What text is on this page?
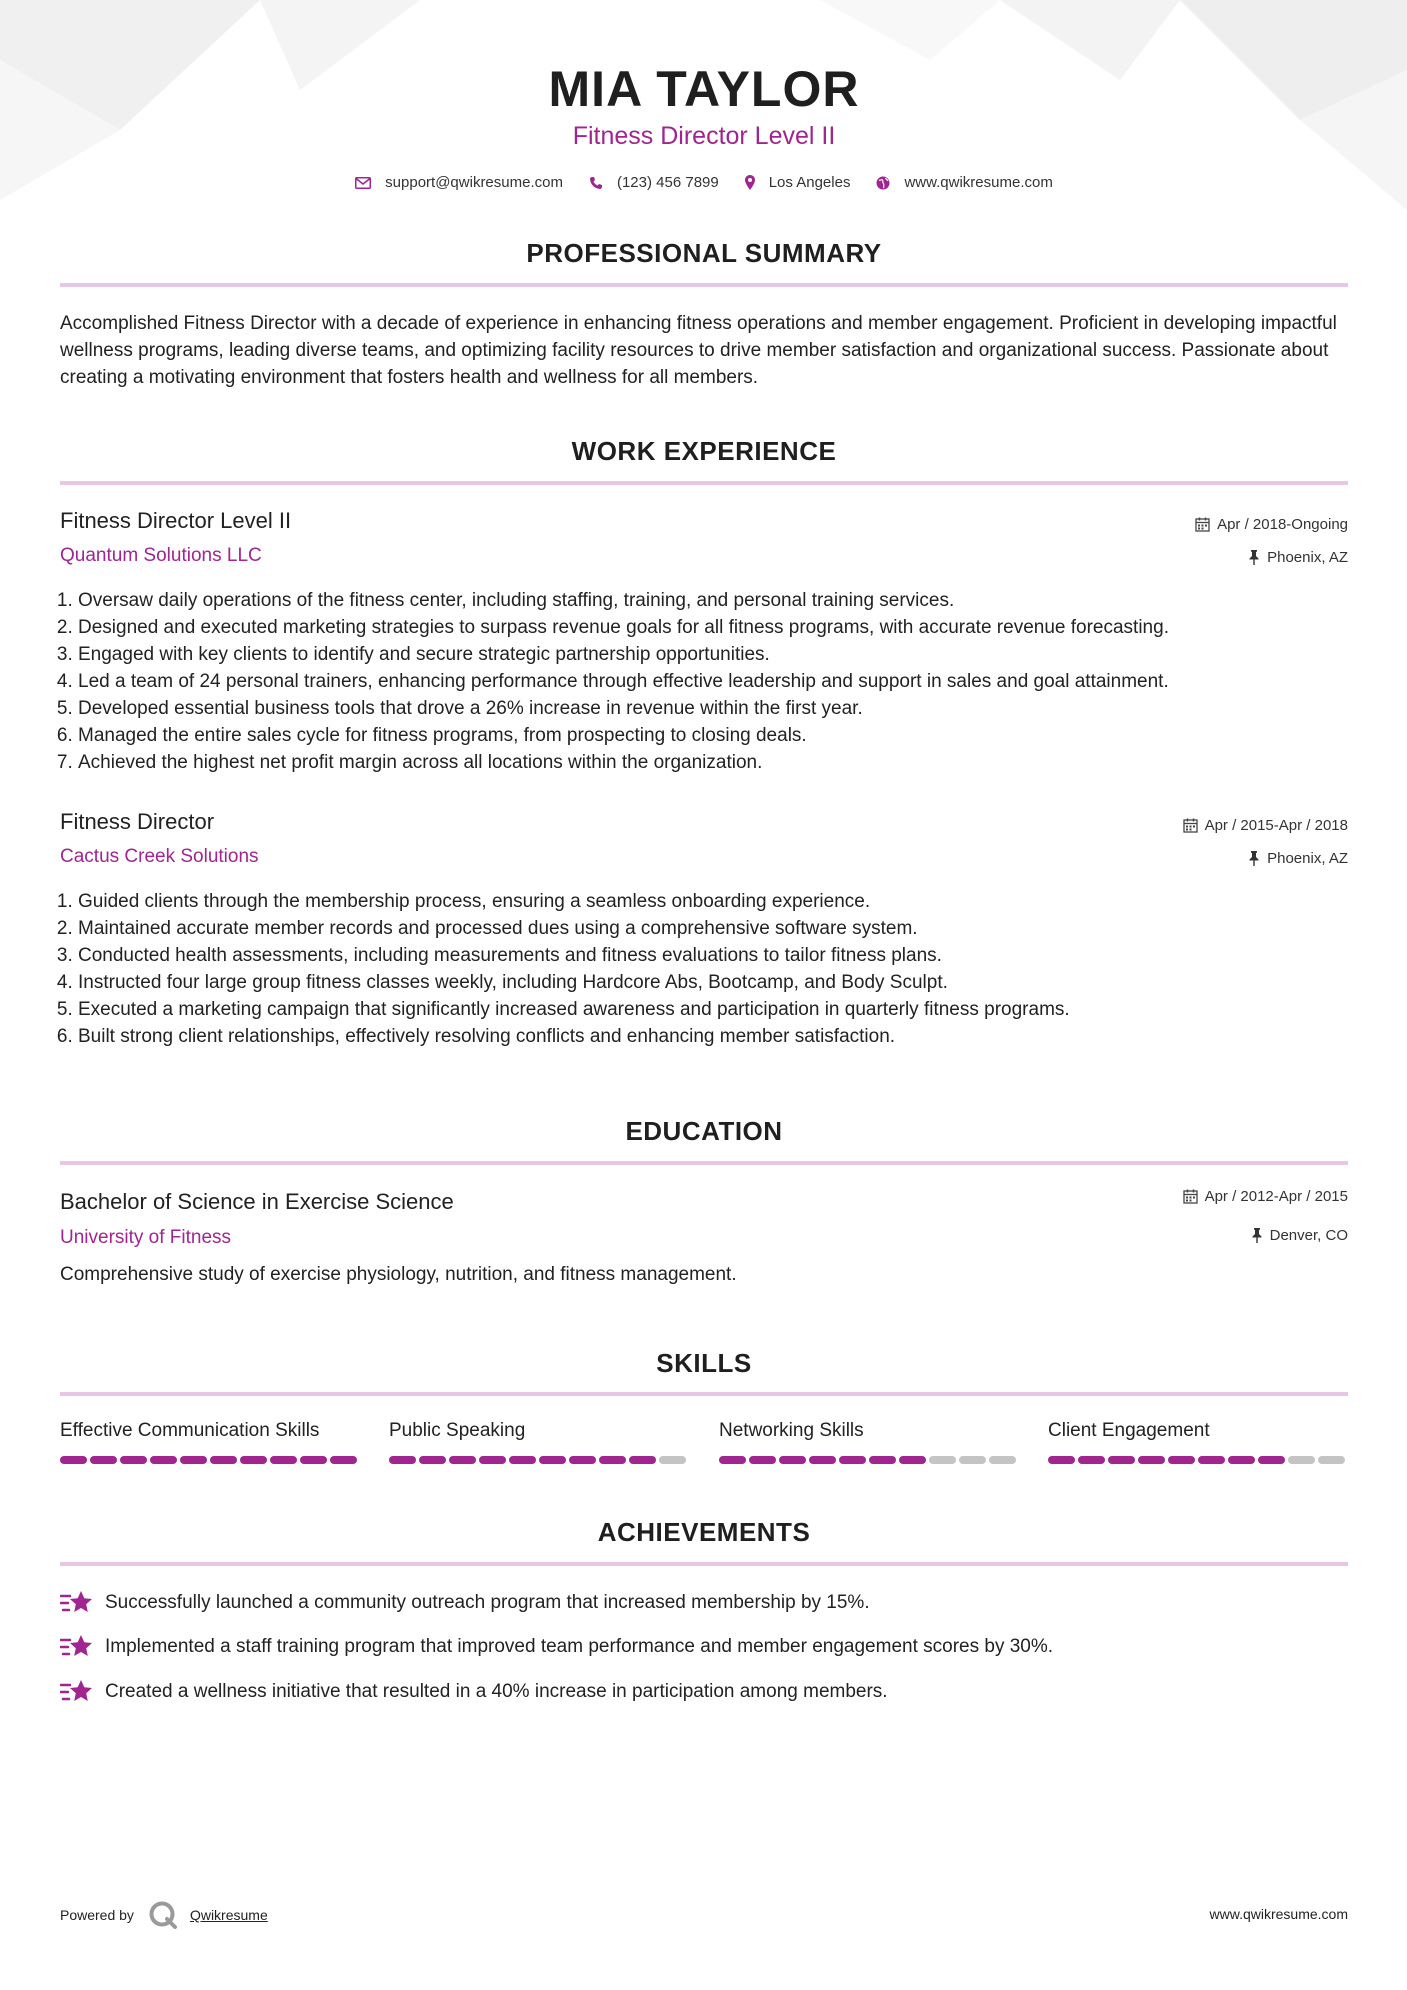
MIA TAYLOR
Fitness Director Level II
support@qwikresume.com	(123) 456 7899	Los Angeles	www.qwikresume.com
PROFESSIONAL SUMMARY

Accomplished Fitness Director with a decade of experience in enhancing fitness operations and member engagement. Proficient in developing impactful wellness programs, leading diverse teams, and optimizing facility resources to drive member satisfaction and organizational success. Passionate about creating a motivating environment that fosters health and wellness for all members.

WORK EXPERIENCE
Fitness Director Level II
Quantum Solutions LLC
Apr / 2018-Ongoing
Phoenix, AZ
1. Oversaw daily operations of the fitness center, including staffing, training, and personal training services.
2. Designed and executed marketing strategies to surpass revenue goals for all fitness programs, with accurate revenue forecasting.
3. Engaged with key clients to identify and secure strategic partnership opportunities.
4. Led a team of 24 personal trainers, enhancing performance through effective leadership and support in sales and goal attainment.
5. Developed essential business tools that drove a 26% increase in revenue within the first year.
6. Managed the entire sales cycle for fitness programs, from prospecting to closing deals.
7. Achieved the highest net profit margin across all locations within the organization.
Fitness Director
Cactus Creek Solutions
Apr / 2015-Apr / 2018
Phoenix, AZ
1. Guided clients through the membership process, ensuring a seamless onboarding experience.
2. Maintained accurate member records and processed dues using a comprehensive software system.
3. Conducted health assessments, including measurements and fitness evaluations to tailor fitness plans.
4. Instructed four large group fitness classes weekly, including Hardcore Abs, Bootcamp, and Body Sculpt.
5. Executed a marketing campaign that significantly increased awareness and participation in quarterly fitness programs.
6. Built strong client relationships, effectively resolving conflicts and enhancing member satisfaction.
EDUCATION
Bachelor of Science in Exercise Science
University of Fitness
Apr / 2012-Apr / 2015
Denver, CO
Comprehensive study of exercise physiology, nutrition, and fitness management.
SKILLS
Effective Communication Skills	Public Speaking	Networking Skills	Client Engagement
ACHIEVEMENTS
Successfully launched a community outreach program that increased membership by 15%.
Implemented a staff training program that improved team performance and member engagement scores by 30%.
Created a wellness initiative that resulted in a 40% increase in participation among members.
Powered by	Qwikresume	www.qwikresume.com
